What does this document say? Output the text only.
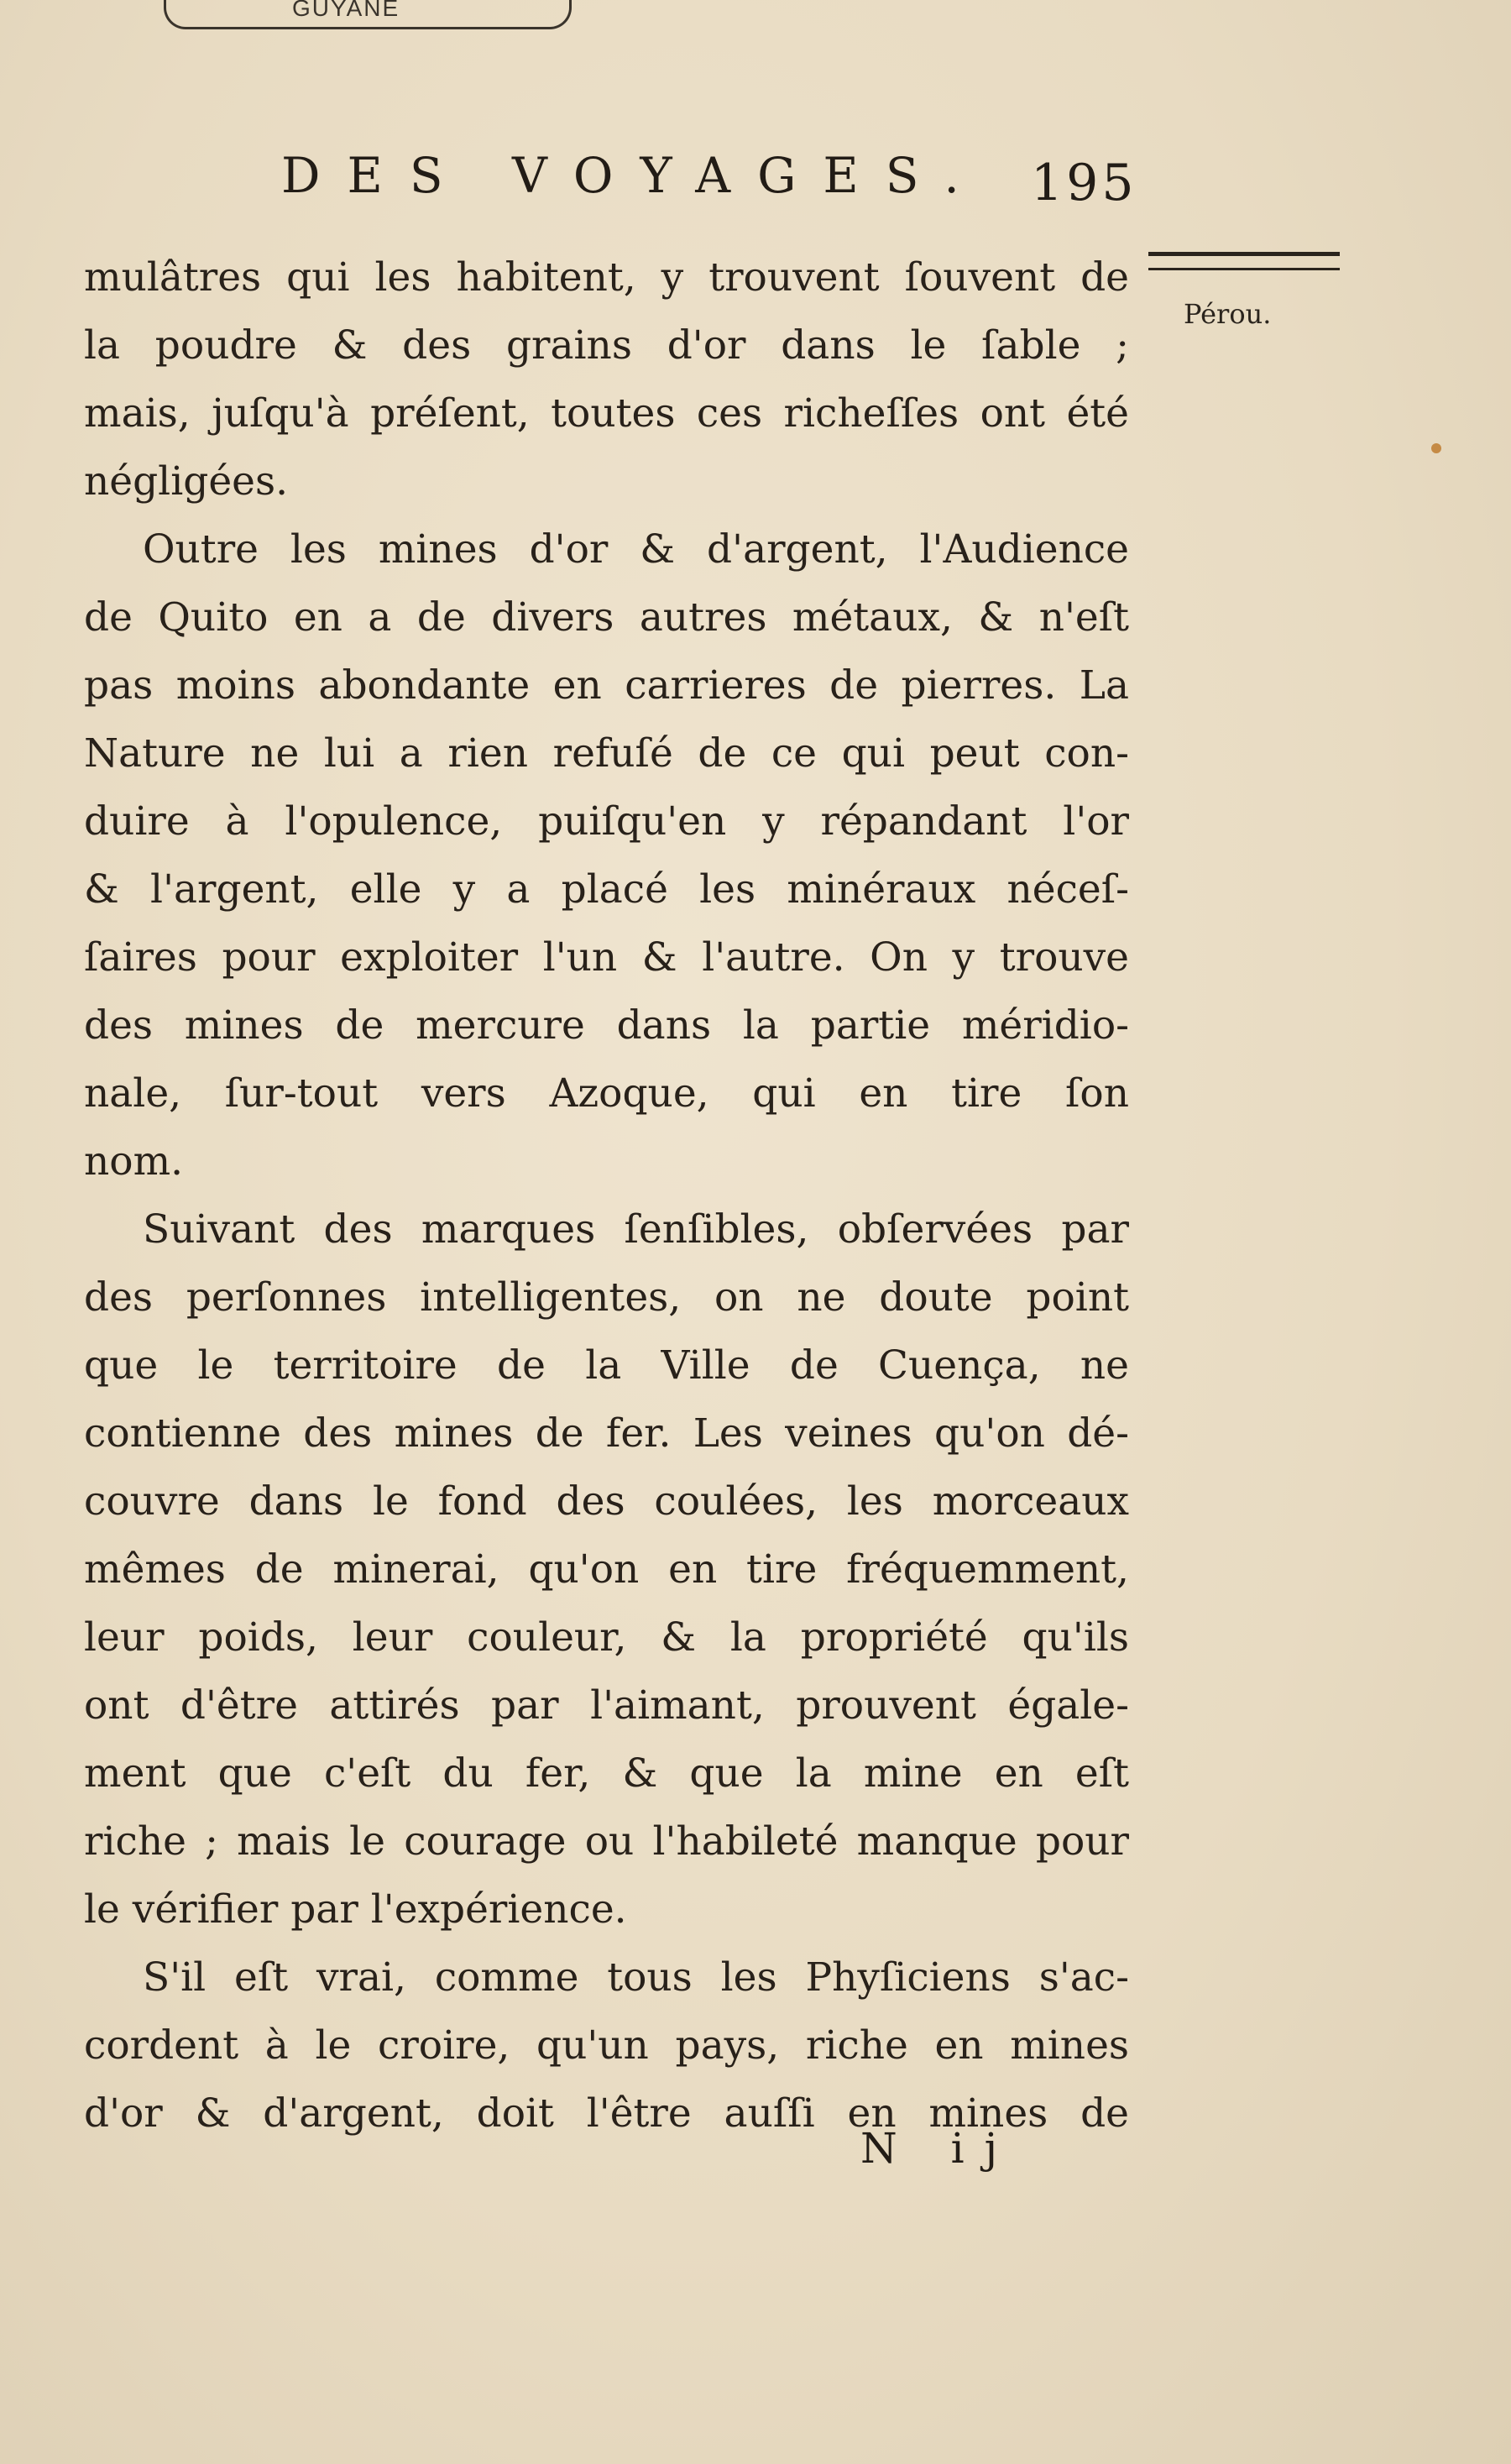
GUYANE
DES VOYAGES. 195
Pérou.
mulâtres qui les habitent, y trouvent ſouvent de
la poudre & des grains d'or dans le ſable ;
mais, juſqu'à préſent, toutes ces richeſſes ont été
négligées.
Outre les mines d'or & d'argent, l'Audience
de Quito en a de divers autres métaux, & n'eſt
pas moins abondante en carrieres de pierres. La
Nature ne lui a rien refuſé de ce qui peut con-
duire à l'opulence, puiſqu'en y répandant l'or
& l'argent, elle y a placé les minéraux néceſ-
ſaires pour exploiter l'un & l'autre. On y trouve
des mines de mercure dans la partie méridio-
nale, ſur-tout vers Azoque, qui en tire ſon
nom.
Suivant des marques ſenſibles, obſervées par
des perſonnes intelligentes, on ne doute point
que le territoire de la Ville de Cuença, ne
contienne des mines de fer. Les veines qu'on dé-
couvre dans le fond des coulées, les morceaux
mêmes de minerai, qu'on en tire fréquemment,
leur poids, leur couleur, & la propriété qu'ils
ont d'être attirés par l'aimant, prouvent égale-
ment que c'eſt du fer, & que la mine en eſt
riche ; mais le courage ou l'habileté manque pour
le vérifier par l'expérience.
S'il eſt vrai, comme tous les Phyſiciens s'ac-
cordent à le croire, qu'un pays, riche en mines
d'or & d'argent, doit l'être auſſi en mines de
N ij
